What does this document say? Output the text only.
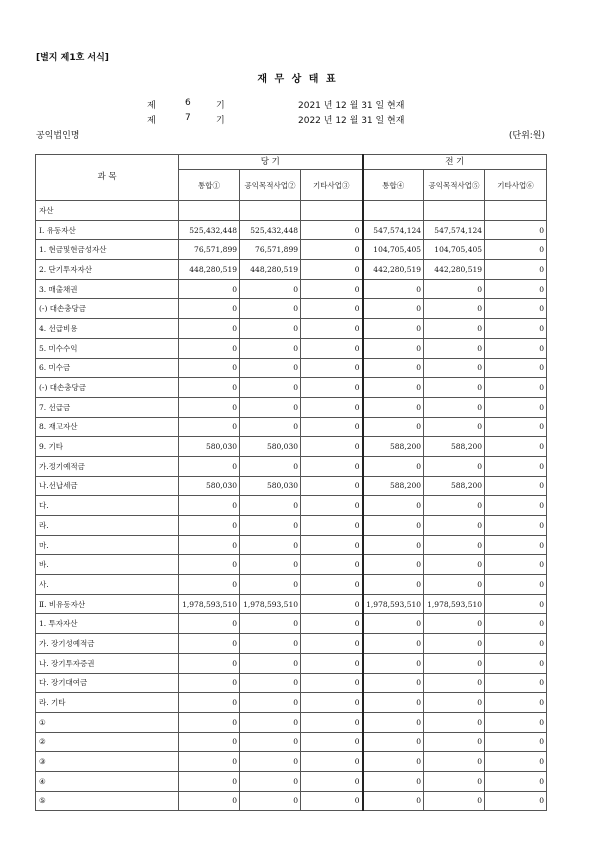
[별지 제1호 서식]
재 무 상 태 표
제	6	기	2021 년 12 월 31 일 현재
제	7	기	2022 년 12 월 31 일 현재
공익법인명	(단위:원)
과 목	당 기			전 기		
	통합①	공익목적사업②	기타사업③	통합④	공익목적사업⑤	기타사업⑥
자산						
Ⅰ. 유동자산	525,432,448	525,432,448	0	547,574,124	547,574,124	0
1. 현금및현금성자산	76,571,899	76,571,899	0	104,705,405	104,705,405	0
2. 단기투자자산	448,280,519	448,280,519	0	442,280,519	442,280,519	0
3. 매출채권	0	0	0	0	0	0
(-) 대손충당금	0	0	0	0	0	0
4. 선급비용	0	0	0	0	0	0
5. 미수수익	0	0	0	0	0	0
6. 미수금	0	0	0	0	0	0
(-) 대손충당금	0	0	0	0	0	0
7. 선급금	0	0	0	0	0	0
8. 재고자산	0	0	0	0	0	0
9. 기타	580,030	580,030	0	588,200	588,200	0
가.정기예적금	0	0	0	0	0	0
나.선납세금	580,030	580,030	0	588,200	588,200	0
다.	0	0	0	0	0	0
라.	0	0	0	0	0	0
마.	0	0	0	0	0	0
바.	0	0	0	0	0	0
사.	0	0	0	0	0	0
Ⅱ. 비유동자산	1,978,593,510	1,978,593,510	0	1,978,593,510	1,978,593,510	0
1. 투자자산	0	0	0	0	0	0
가. 장기성예적금	0	0	0	0	0	0
나. 장기투자증권	0	0	0	0	0	0
다. 장기대여금	0	0	0	0	0	0
라. 기타	0	0	0	0	0	0
①	0	0	0	0	0	0
②	0	0	0	0	0	0
③	0	0	0	0	0	0
④	0	0	0	0	0	0
⑤	0	0	0	0	0	0
